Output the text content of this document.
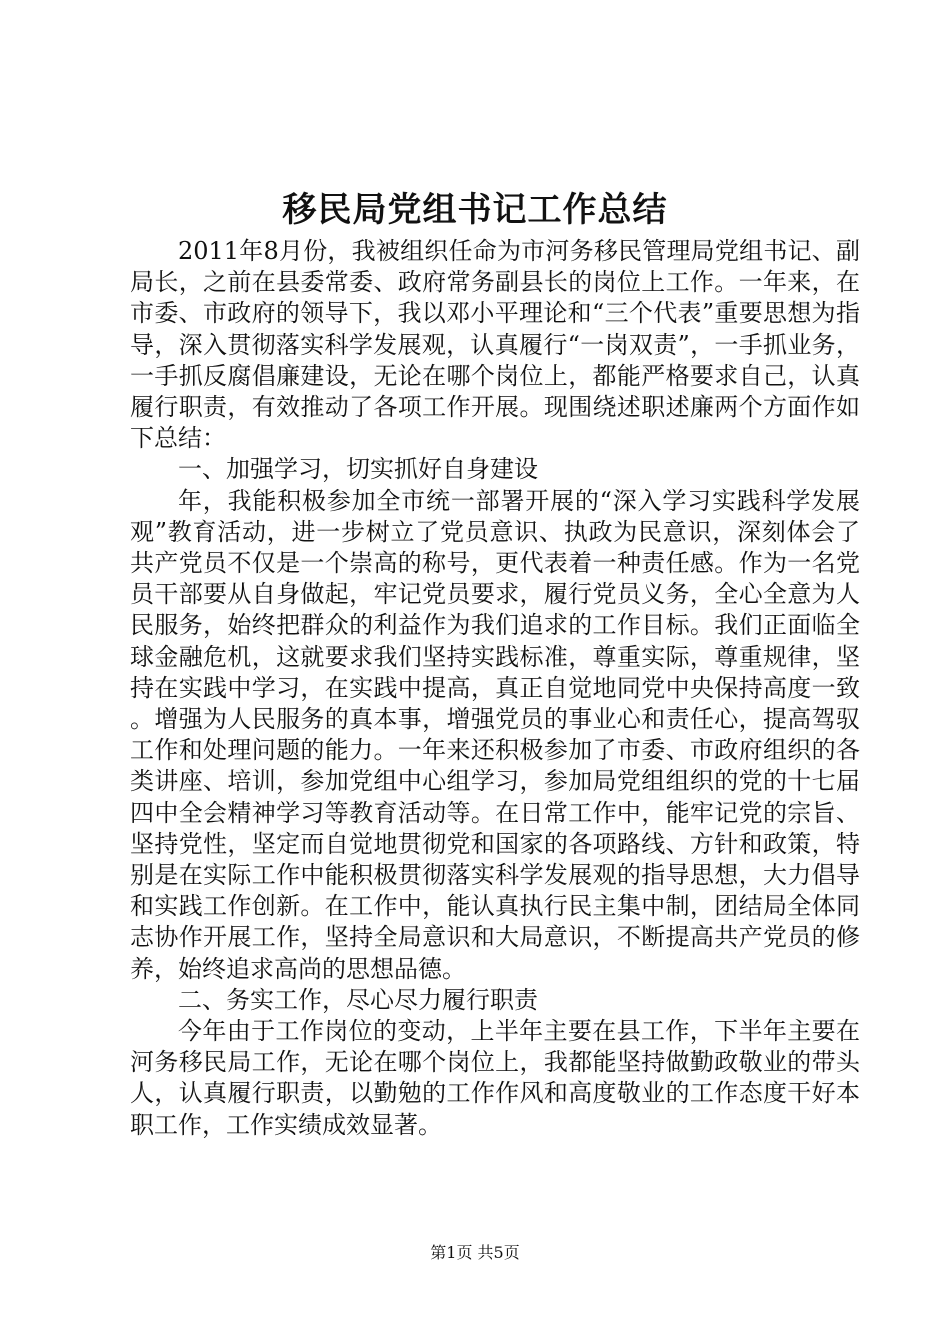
移民局党组书记工作总结

2011年8月份，我被组织任命为市河务移民管理局党组书记、副局长，之前在县委常委、政府常务副县长的岗位上工作。一年来，在市委、市政府的领导下，我以邓小平理论和“三个代表”重要思想为指导，深入贯彻落实科学发展观，认真履行“一岗双责”，一手抓业务，一手抓反腐倡廉建设，无论在哪个岗位上，都能严格要求自己，认真履行职责，有效推动了各项工作开展。现围绕述职述廉两个方面作如下总结：

一、加强学习，切实抓好自身建设

年，我能积极参加全市统一部署开展的“深入学习实践科学发展观”教育活动，进一步树立了党员意识、执政为民意识，深刻体会了共产党员不仅是一个崇高的称号，更代表着一种责任感。作为一名党员干部要从自身做起，牢记党员要求，履行党员义务，全心全意为人民服务，始终把群众的利益作为我们追求的工作目标。我们正面临全球金融危机，这就要求我们坚持实践标准，尊重实际，尊重规律，坚持在实践中学习，在实践中提高，真正自觉地同党中央保持高度一致。增强为人民服务的真本事，增强党员的事业心和责任心，提高驾驭工作和处理问题的能力。一年来还积极参加了市委、市政府组织的各类讲座、培训，参加党组中心组学习，参加局党组组织的党的十七届四中全会精神学习等教育活动等。在日常工作中，能牢记党的宗旨、坚持党性，坚定而自觉地贯彻党和国家的各项路线、方针和政策，特别是在实际工作中能积极贯彻落实科学发展观的指导思想，大力倡导和实践工作创新。在工作中，能认真执行民主集中制，团结局全体同志协作开展工作，坚持全局意识和大局意识，不断提高共产党员的修养，始终追求高尚的思想品德。

二、务实工作，尽心尽力履行职责

今年由于工作岗位的变动，上半年主要在县工作，下半年主要在河务移民局工作，无论在哪个岗位上，我都能坚持做勤政敬业的带头人，认真履行职责，以勤勉的工作作风和高度敬业的工作态度干好本职工作，工作实绩成效显著。

第1页 共5页
